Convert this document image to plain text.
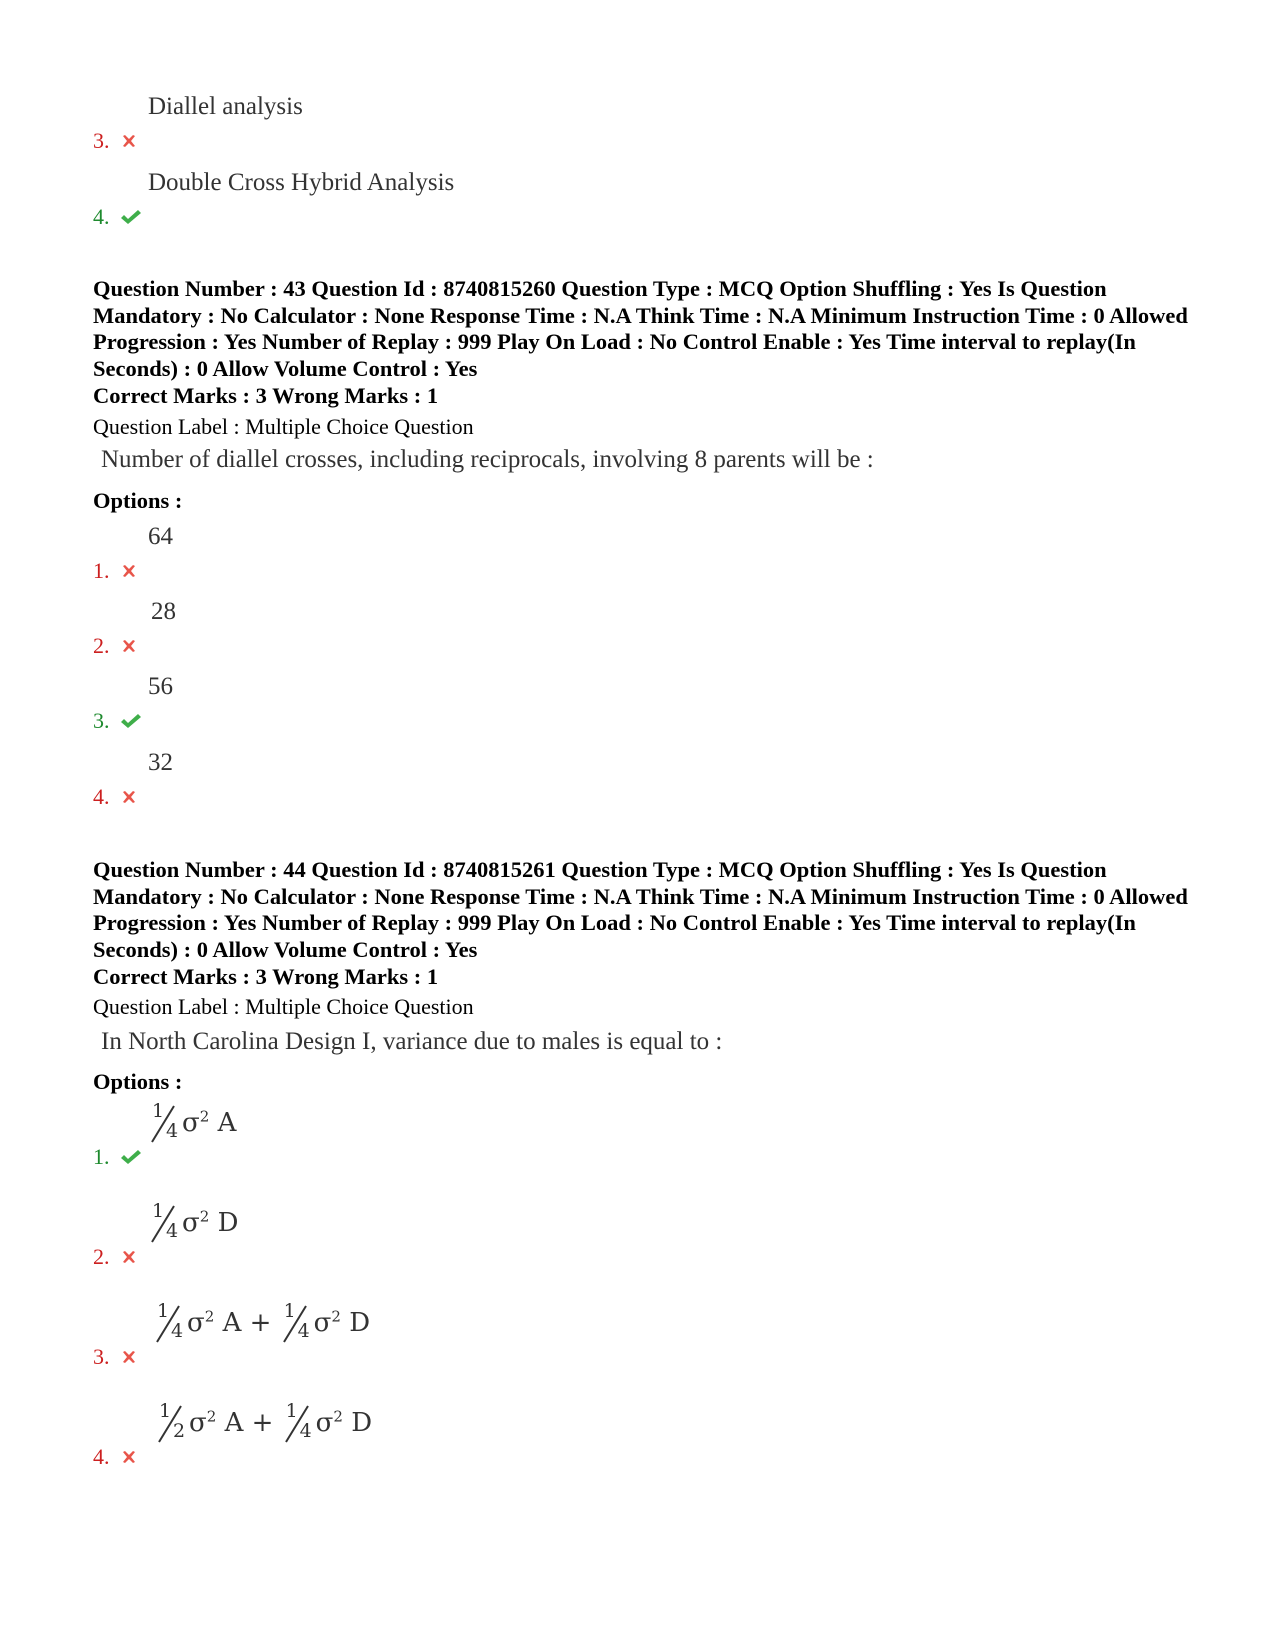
3.
Diallel analysis
4.
Double Cross Hybrid Analysis
Question Number : 43 Question Id : 8740815260 Question Type : MCQ Option Shuffling : Yes Is Question Mandatory : No Calculator : None Response Time : N.A Think Time : N.A Minimum Instruction Time : 0 Allowed Progression : Yes Number of Replay : 999 Play On Load : No Control Enable : Yes Time interval to replay(In Seconds) : 0 Allow Volume Control : Yes
Correct Marks : 3 Wrong Marks : 1
Question Label : Multiple Choice Question
Number of diallel crosses, including reciprocals, involving 8 parents will be :
Options :
1.
64
2.
28
3.
56
4.
32
Question Number : 44 Question Id : 8740815261 Question Type : MCQ Option Shuffling : Yes Is Question Mandatory : No Calculator : None Response Time : N.A Think Time : N.A Minimum Instruction Time : 0 Allowed Progression : Yes Number of Replay : 999 Play On Load : No Control Enable : Yes Time interval to replay(In Seconds) : 0 Allow Volume Control : Yes
Correct Marks : 3 Wrong Marks : 1
Question Label : Multiple Choice Question
In North Carolina Design I, variance due to males is equal to :
Options :
1.
1
4 $\sigma^2$ A
2.
1
4 $\sigma^2$ D
3.
1
4 $\sigma^2$ A + 1
4 $\sigma^2$ D
4.
1
2 $\sigma^2$ A + 1
4 $\sigma^2$ D
